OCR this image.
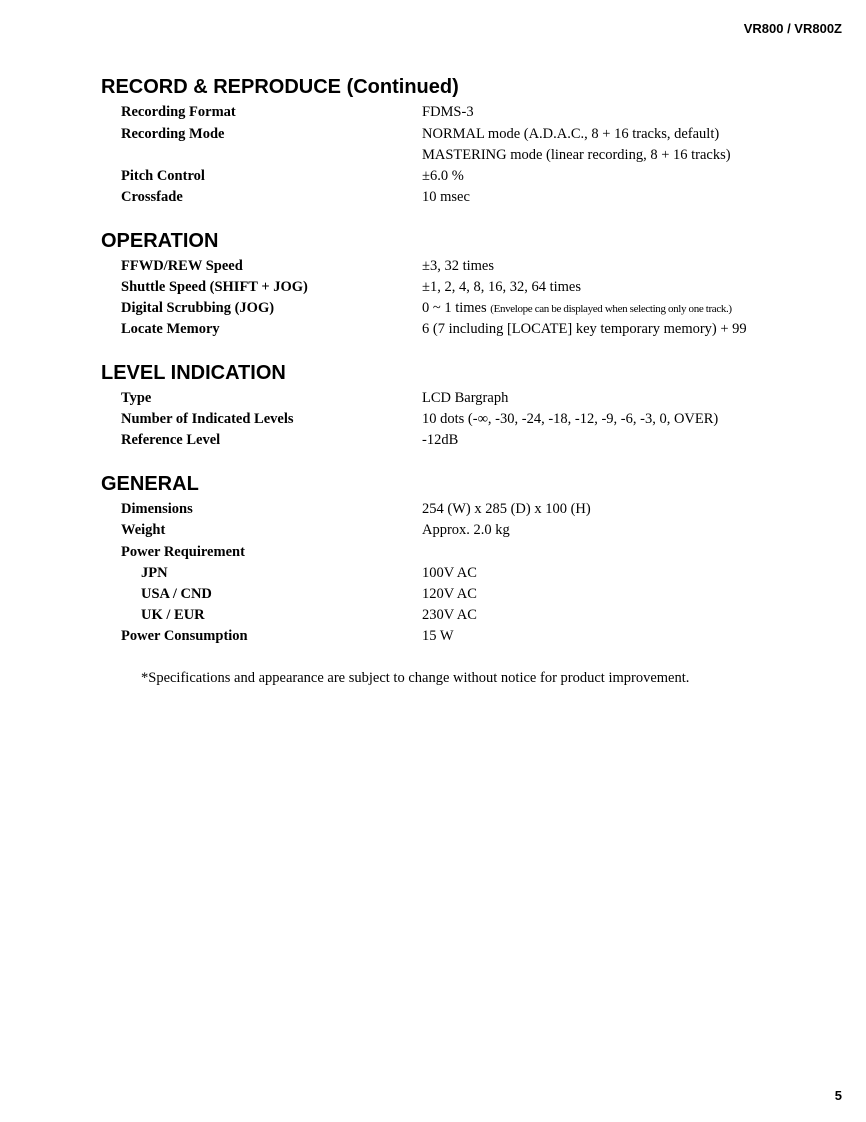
VR800 / VR800Z
RECORD & REPRODUCE (Continued)
Recording Format	FDMS-3
Recording Mode	NORMAL mode (A.D.A.C., 8 + 16 tracks, default)
MASTERING mode (linear recording, 8 + 16 tracks)
Pitch Control	±6.0 %
Crossfade	10 msec
OPERATION
FFWD/REW Speed	±3, 32 times
Shuttle Speed (SHIFT + JOG)	±1, 2, 4, 8, 16, 32, 64 times
Digital Scrubbing (JOG)	0 ~ 1 times (Envelope can be displayed when selecting only one track.)
Locate Memory	6 (7 including [LOCATE] key temporary memory) + 99
LEVEL INDICATION
Type	LCD Bargraph
Number of Indicated Levels	10 dots (-∞, -30, -24, -18, -12, -9, -6, -3, 0, OVER)
Reference Level	-12dB
GENERAL
Dimensions	254 (W) x 285 (D) x 100 (H)
Weight	Approx. 2.0 kg
Power Requirement
JPN	100V AC
USA / CND	120V AC
UK / EUR	230V AC
Power Consumption	15 W
*Specifications and appearance are subject to change without notice for product improvement.
5
